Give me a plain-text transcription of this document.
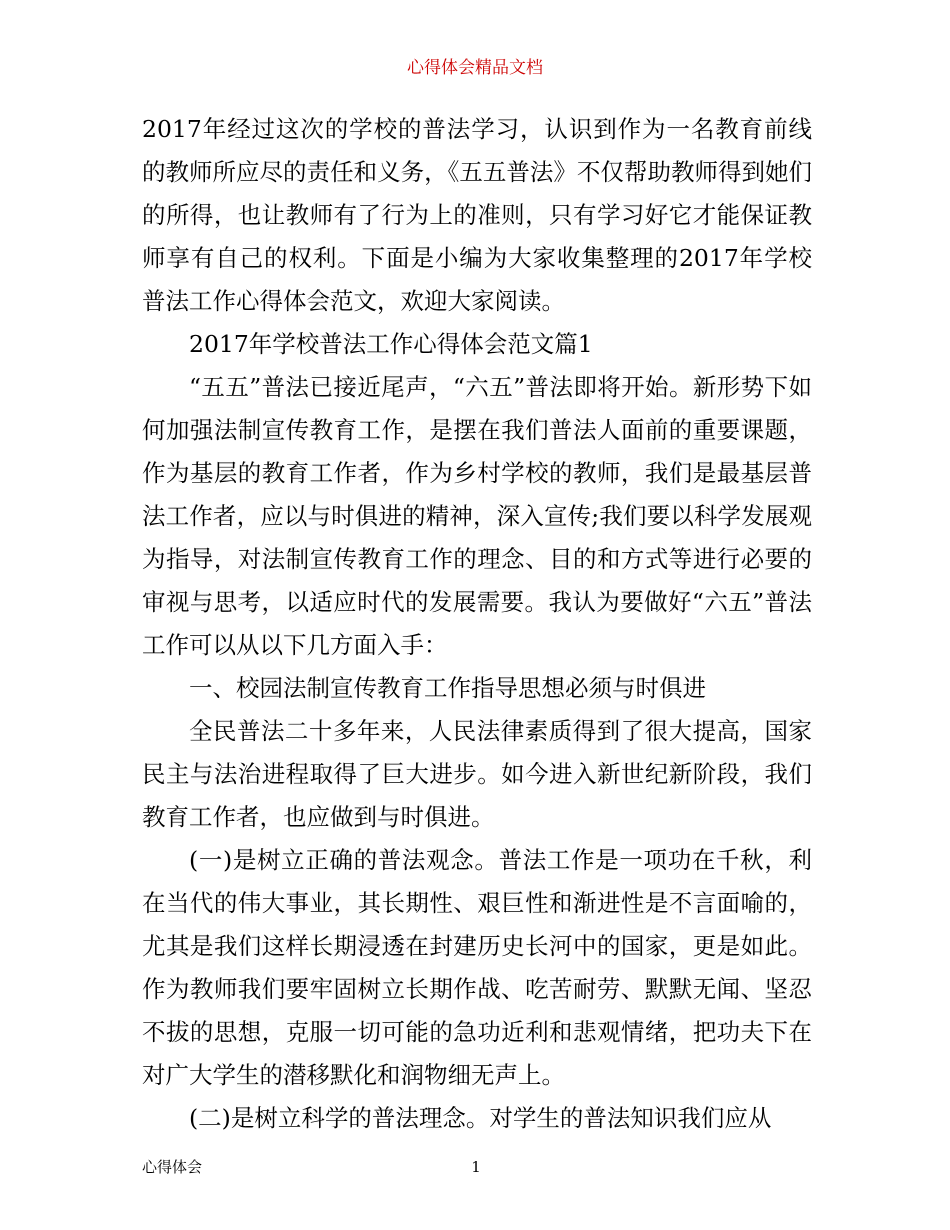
心得体会精品文档

2017年经过这次的学校的普法学习，认识到作为一名教育前线的教师所应尽的责任和义务，《五五普法》不仅帮助教师得到她们的所得，也让教师有了行为上的准则，只有学习好它才能保证教师享有自己的权利。下面是小编为大家收集整理的2017年学校普法工作心得体会范文，欢迎大家阅读。

2017年学校普法工作心得体会范文篇1

“五五”普法已接近尾声，“六五”普法即将开始。新形势下如何加强法制宣传教育工作，是摆在我们普法人面前的重要课题，作为基层的教育工作者，作为乡村学校的教师，我们是最基层普法工作者，应以与时俱进的精神，深入宣传;我们要以科学发展观为指导，对法制宣传教育工作的理念、目的和方式等进行必要的审视与思考，以适应时代的发展需要。我认为要做好“六五”普法工作可以从以下几方面入手：

一、校园法制宣传教育工作指导思想必须与时俱进

全民普法二十多年来，人民法律素质得到了很大提高，国家民主与法治进程取得了巨大进步。如今进入新世纪新阶段，我们教育工作者，也应做到与时俱进。

(一)是树立正确的普法观念。普法工作是一项功在千秋，利在当代的伟大事业，其长期性、艰巨性和渐进性是不言面喻的，尤其是我们这样长期浸透在封建历史长河中的国家，更是如此。作为教师我们要牢固树立长期作战、吃苦耐劳、默默无闻、坚忍不拔的思想，克服一切可能的急功近利和悲观情绪，把功夫下在对广大学生的潜移默化和润物细无声上。

(二)是树立科学的普法理念。对学生的普法知识我们应从

心得体会	1
